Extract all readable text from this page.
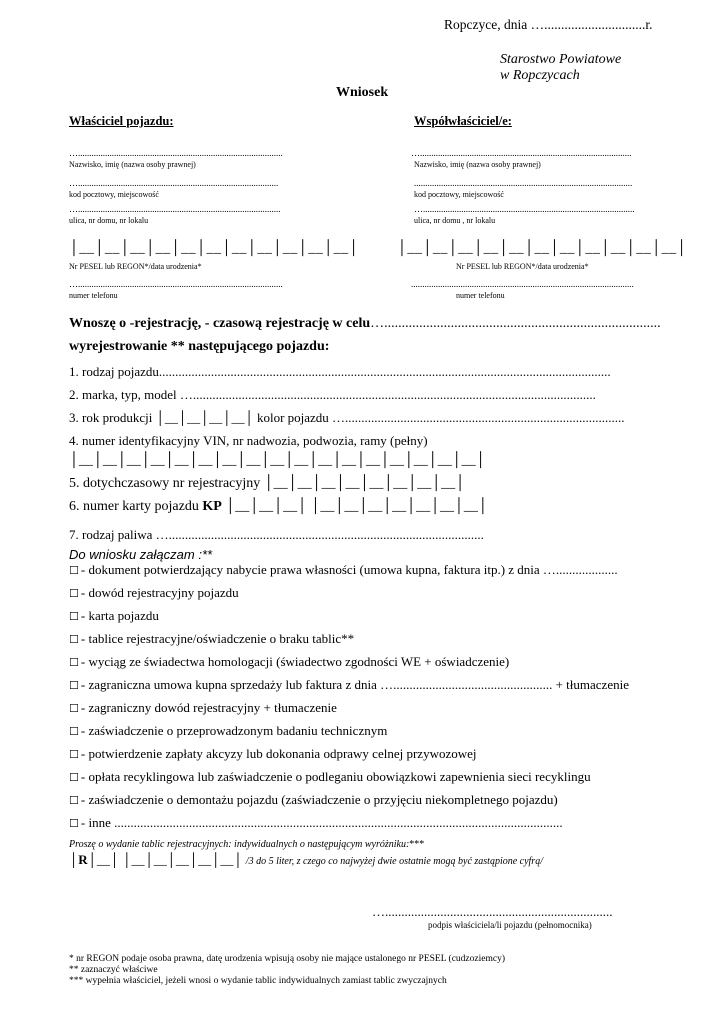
Ropczyce, dnia …..............................r.
Starostwo Powiatowe
w Ropczycach
Wniosek
Właściciel pojazdu:
…...........................................................................................
Nazwisko, imię (nazwa osoby prawnej)
….........................................................................................
kod pocztowy, miejscowość
…..........................................................................................
ulica, nr domu, nr lokalu
│__│__│__│__│__│__│__│__│__│__│__│
Nr PESEL lub REGON*/data urodzenia*
…...........................................................................................
numer telefonu
Współwłaściciel/e:
…..............................................................................................
Nazwisko, imię (nazwa osoby prawnej)
.................................................................................................
kod pocztowy, miejscowość
…..............................................................................................
ulica, nr domu , nr lokalu
│__│__│__│__│__│__│__│__│__│__│__│
Nr PESEL lub REGON*/data urodzenia*
...................................................................................................
numer telefonu
Wnoszę o -rejestrację, - czasową rejestrację w celu…...............................................................................
wyrejestrowanie ** następującego pojazdu:
1. rodzaj pojazdu...........................................................................................................................................
2. marka, typ, model …............................................................................................................................
3. rok produkcji │__│__│__│__│ kolor pojazdu …......................................................................................
4. numer identyfikacyjny VIN, nr nadwozia, podwozia, ramy (pełny)
│__│__│__│__│__│__│__│__│__│__│__│__│__│__│__│__│__│
5. dotychczasowy nr rejestracyjny │__│__│__│__│__│__│__│__│
6. numer karty pojazdu KP │__│__│__│ │__│__│__│__│__│__│__│
7. rodzaj paliwa ….................................................................................................
Do wniosku załączam :**
☐ - dokument potwierdzający nabycie prawa własności (umowa kupna, faktura itp.) z dnia …...................
☐ - dowód rejestracyjny pojazdu
☐ - karta pojazdu
☐ - tablice rejestracyjne/oświadczenie o braku tablic**
☐ - wyciąg ze świadectwa homologacji (świadectwo zgodności WE + oświadczenie)
☐ - zagraniczna umowa kupna sprzedaży lub faktura z dnia …................................................. + tłumaczenie
☐ - zagraniczny dowód rejestracyjny + tłumaczenie
☐ - zaświadczenie o przeprowadzonym badaniu technicznym
☐ - potwierdzenie zapłaty akcyzy lub dokonania odprawy celnej przywozowej
☐ - opłata recyklingowa lub zaświadczenie o podleganiu obowiązkowi zapewnienia sieci recyklingu
☐ - zaświadczenie o demontażu pojazdu (zaświadczenie o przyjęciu niekompletnego pojazdu)
☐ - inne ..........................................................................................................................................
Proszę o wydanie tablic rejestracyjnych: indywidualnych o następującym wyróżniku:***
│R│__│ │__│__│__│__│__│ /3 do 5 liter, z czego co najwyżej dwie ostatnie mogą być zastąpione cyfrą/
…......................................................................
podpis właściciela/li pojazdu (pełnomocnika)
* nr REGON podaje osoba prawna, datę urodzenia wpisują osoby nie mające ustalonego nr PESEL (cudzoziemcy)
** zaznaczyć właściwe
*** wypełnia właściciel, jeżeli wnosi o wydanie tablic indywidualnych zamiast tablic zwyczajnych
